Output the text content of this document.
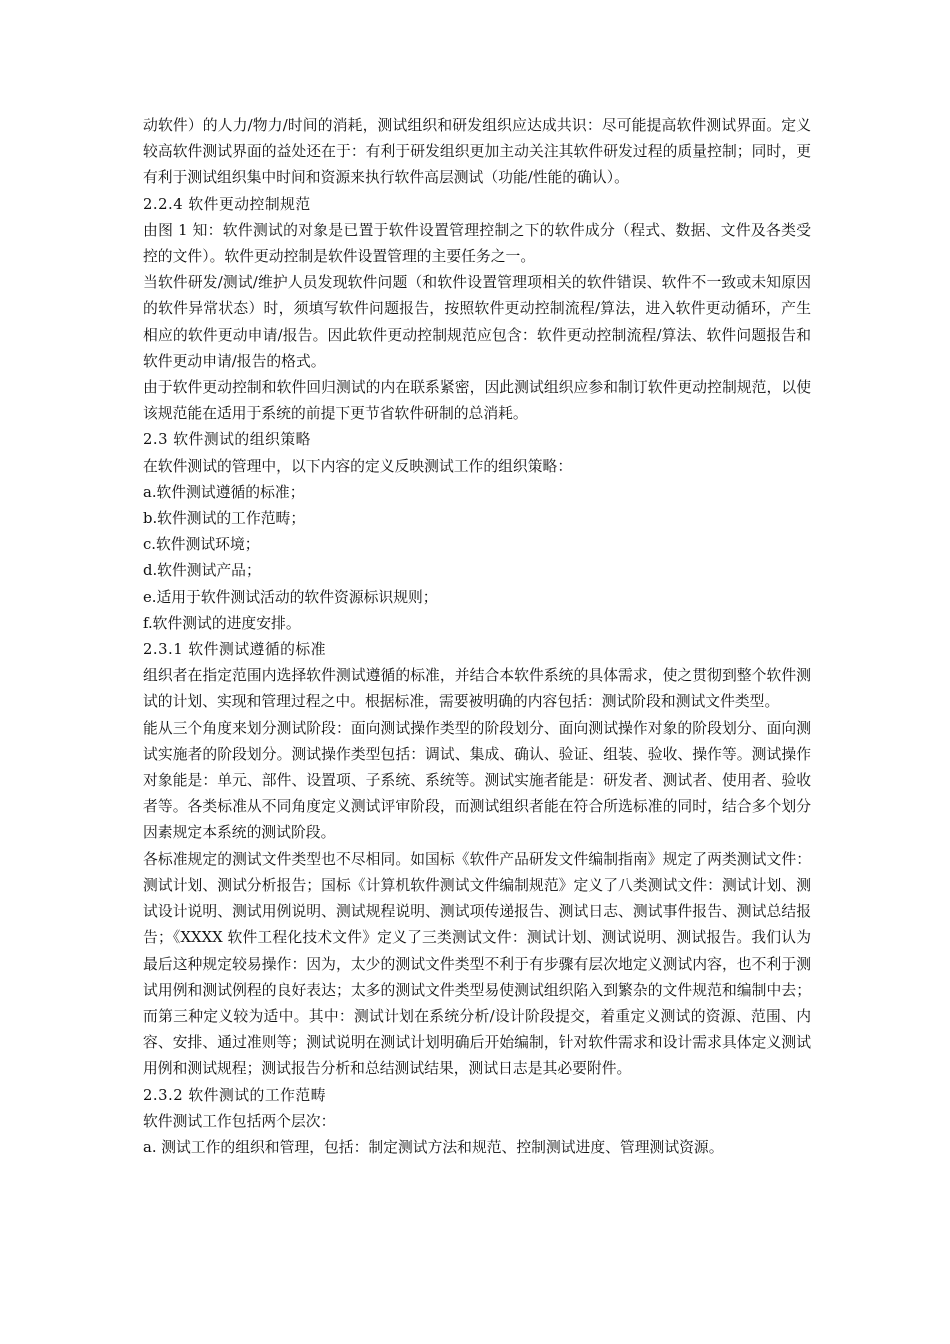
动软件）的人力/物力/时间的消耗，测试组织和研发组织应达成共识：尽可能提高软件测试界面。定义较高软件测试界面的益处还在于：有利于研发组织更加主动关注其软件研发过程的质量控制；同时，更有利于测试组织集中时间和资源来执行软件高层测试（功能/性能的确认）。

2.2.4 软件更动控制规范

由图 1 知：软件测试的对象是已置于软件设置管理控制之下的软件成分（程式、数据、文件及各类受控的文件）。软件更动控制是软件设置管理的主要任务之一。

当软件研发/测试/维护人员发现软件问题（和软件设置管理项相关的软件错误、软件不一致或未知原因的软件异常状态）时，须填写软件问题报告，按照软件更动控制流程/算法，进入软件更动循环，产生相应的软件更动申请/报告。因此软件更动控制规范应包含：软件更动控制流程/算法、软件问题报告和软件更动申请/报告的格式。

由于软件更动控制和软件回归测试的内在联系紧密，因此测试组织应参和制订软件更动控制规范，以使该规范能在适用于系统的前提下更节省软件研制的总消耗。

2.3 软件测试的组织策略

在软件测试的管理中，以下内容的定义反映测试工作的组织策略：

a.软件测试遵循的标准；

b.软件测试的工作范畴；

c.软件测试环境；

d.软件测试产品；

e.适用于软件测试活动的软件资源标识规则；

f.软件测试的进度安排。

2.3.1 软件测试遵循的标准

组织者在指定范围内选择软件测试遵循的标准，并结合本软件系统的具体需求，使之贯彻到整个软件测试的计划、实现和管理过程之中。根据标准，需要被明确的内容包括：测试阶段和测试文件类型。

能从三个角度来划分测试阶段：面向测试操作类型的阶段划分、面向测试操作对象的阶段划分、面向测试实施者的阶段划分。测试操作类型包括：调试、集成、确认、验证、组装、验收、操作等。测试操作对象能是：单元、部件、设置项、子系统、系统等。测试实施者能是：研发者、测试者、使用者、验收者等。各类标准从不同角度定义测试评审阶段，而测试组织者能在符合所选标准的同时，结合多个划分因素规定本系统的测试阶段。

各标准规定的测试文件类型也不尽相同。如国标《软件产品研发文件编制指南》规定了两类测试文件：测试计划、测试分析报告；国标《计算机软件测试文件编制规范》定义了八类测试文件：测试计划、测试设计说明、测试用例说明、测试规程说明、测试项传递报告、测试日志、测试事件报告、测试总结报告；《XXXX 软件工程化技术文件》定义了三类测试文件：测试计划、测试说明、测试报告。我们认为最后这种规定较易操作：因为，太少的测试文件类型不利于有步骤有层次地定义测试内容，也不利于测试用例和测试例程的良好表达；太多的测试文件类型易使测试组织陷入到繁杂的文件规范和编制中去；而第三种定义较为适中。其中：测试计划在系统分析/设计阶段提交，着重定义测试的资源、范围、内容、安排、通过准则等；测试说明在测试计划明确后开始编制，针对软件需求和设计需求具体定义测试用例和测试规程；测试报告分析和总结测试结果，测试日志是其必要附件。

2.3.2 软件测试的工作范畴

软件测试工作包括两个层次：

a. 测试工作的组织和管理，包括：制定测试方法和规范、控制测试进度、管理测试资源。
